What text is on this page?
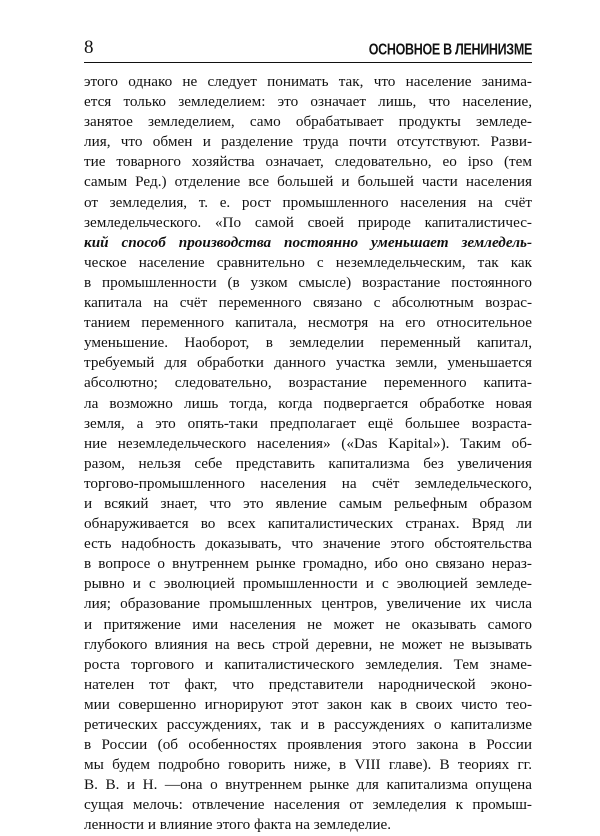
8	ОСНОВНОЕ В ЛЕНИНИЗМЕ
этого однако не следует понимать так, что население занима-
ется только земледелием: это означает лишь, что население,
занятое земледелием, само обрабатывает продукты земледе-
лия, что обмен и разделение труда почти отсутствуют. Разви-
тие товарного хозяйства означает, следовательно, ео ipso (тем
самым Ред.) отделение все большей и большей части населения
от земледелия, т. е. рост промышленного населения на счёт
земледельческого. «По самой своей природе капиталистичес-
кий способ производства постоянно уменьшает земледель-
ческое население сравнительно с неземледельческим, так как
в промышленности (в узком смысле) возрастание постоянного
капитала на счёт переменного связано с абсолютным возрас-
танием переменного капитала, несмотря на его относительное
уменьшение. Наоборот, в земледелии переменный капитал,
требуемый для обработки данного участка земли, уменьшается
абсолютно; следовательно, возрастание переменного капита-
ла возможно лишь тогда, когда подвергается обработке новая
земля, а это опять-таки предполагает ещё большее возраста-
ние неземледельческого населения» («Das Kapital»). Таким об-
разом, нельзя себе представить капитализма без увеличения
торгово-промышленного населения на счёт земледельческого,
и всякий знает, что это явление самым рельефным образом
обнаруживается во всех капиталистических странах. Вряд ли
есть надобность доказывать, что значение этого обстоятельства
в вопросе о внутреннем рынке громадно, ибо оно связано нераз-
рывно и с эволюцией промышленности и с эволюцией земледе-
лия; образование промышленных центров, увеличение их числа
и притяжение ими населения не может не оказывать самого
глубокого влияния на весь строй деревни, не может не вызывать
роста торгового и капиталистического земледелия. Тем знаме-
нателен тот факт, что представители народнической эконо-
мии совершенно игнорируют этот закон как в своих чисто тео-
ретических рассуждениях, так и в рассуждениях о капитализме
в России (об особенностях проявления этого закона в России
мы будем подробно говорить ниже, в VIII главе). В теориях гг.
В. В. и Н. —она о внутреннем рынке для капитализма опущена
сущая мелочь: отвлечение населения от земледелия к промыш-
ленности и влияние этого факта на земледелие.
